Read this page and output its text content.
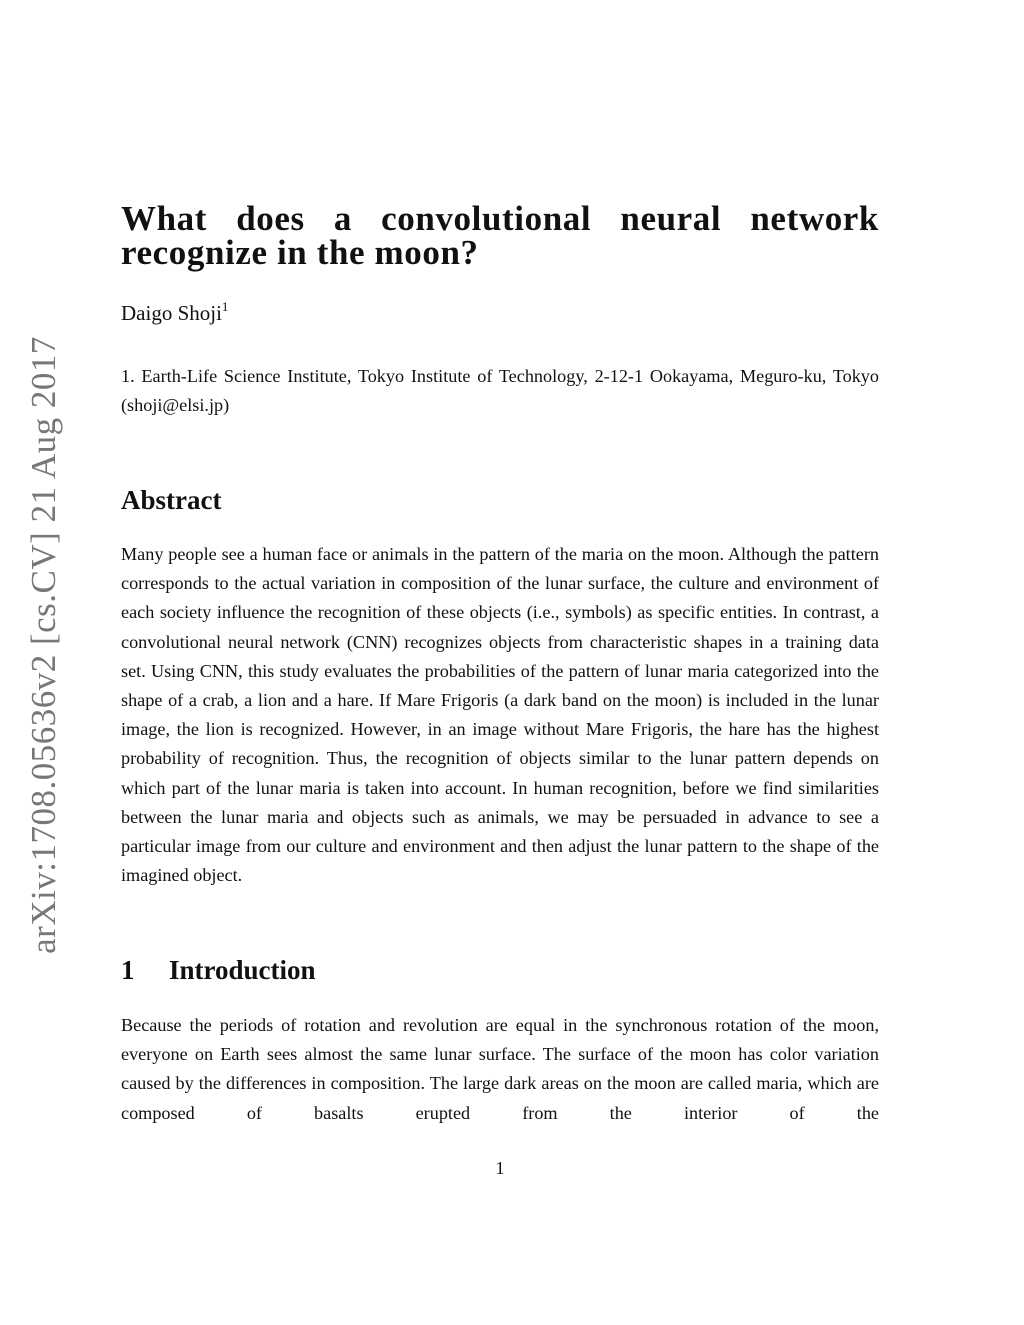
arXiv:1708.05636v2 [cs.CV] 21 Aug 2017
What does a convolutional neural network
recognize in the moon?

Daigo Shoji$^1$

1. Earth-Life Science Institute, Tokyo Institute of Technology, 2-12-1 Ookayama, Meguro-ku, Tokyo (shoji@elsi.jp)

Abstract

Many people see a human face or animals in the pattern of the maria on the moon. Although the pattern corresponds to the actual variation in composition of the lunar surface, the culture and environment of each society influence the recognition of these objects (i.e., symbols) as specific entities. In contrast, a convolutional neural network (CNN) recognizes objects from characteristic shapes in a training data set. Using CNN, this study evaluates the probabilities of the pattern of lunar maria categorized into the shape of a crab, a lion and a hare. If Mare Frigoris (a dark band on the moon) is included in the lunar image, the lion is recognized. However, in an image without Mare Frigoris, the hare has the highest probability of recognition. Thus, the recognition of objects similar to the lunar pattern depends on which part of the lunar maria is taken into account. In human recognition, before we find similarities between the lunar maria and objects such as animals, we may be persuaded in advance to see a particular image from our culture and environment and then adjust the lunar pattern to the shape of the imagined object.

1 Introduction

Because the periods of rotation and revolution are equal in the synchronous rotation of the moon, everyone on Earth sees almost the same lunar surface. The surface of the moon has color variation caused by the differences in composition. The large dark areas on the moon are called maria, which are composed of basalts erupted from the interior of the

1
